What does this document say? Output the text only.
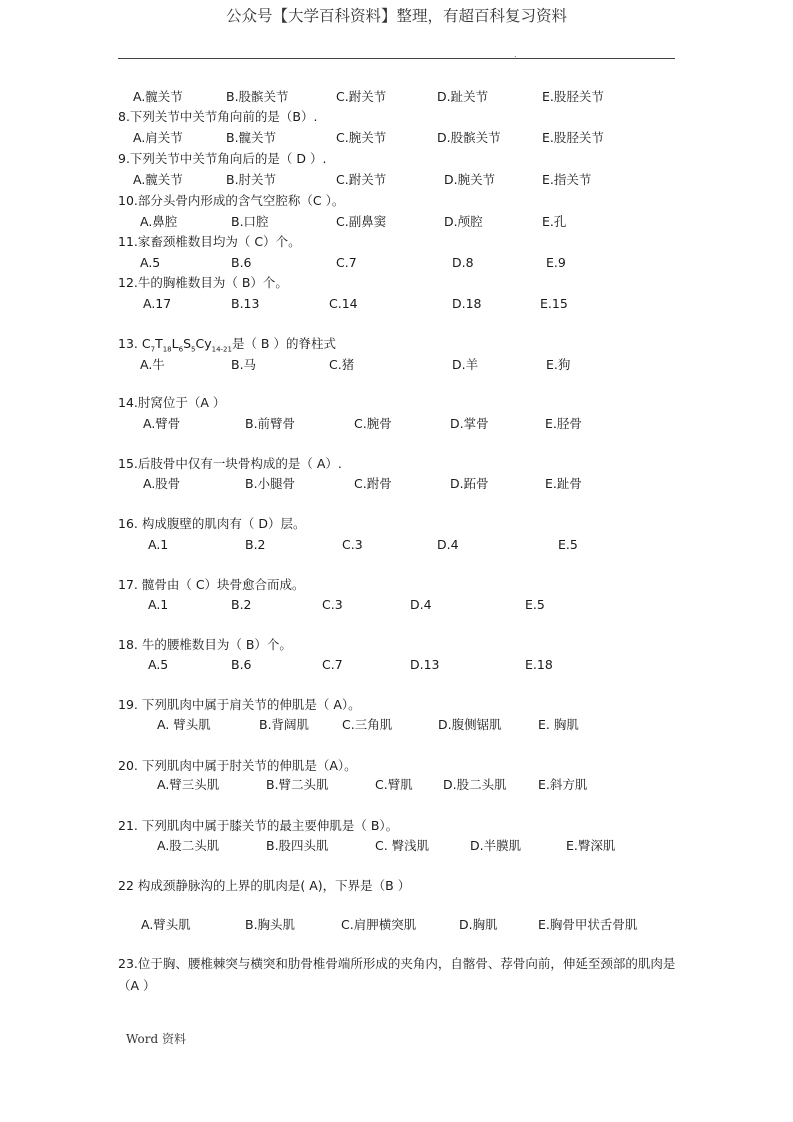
公众号【大学百科资料】整理，有超百科复习资料
.
A.髋关节	B.股髌关节	C.跗关节	D.趾关节	E.股胫关节
8.下列关节中关节角向前的是（B）.
A.肩关节	B.髋关节	C.腕关节	D.股髌关节	E.股胫关节
9.下列关节中关节角向后的是（ D ）.
A.髋关节	B.肘关节	C.跗关节	D.腕关节	E.指关节
10.部分头骨内形成的含气空腔称（C ）。
A.鼻腔	B.口腔	C.副鼻窦	D.颅腔	E.孔
11.家畜颈椎数目均为（ C）个。
A.5	B.6	C.7	D.8	E.9
12.牛的胸椎数目为（ B）个。
A.17	B.13	C.14	D.18	E.15
13. $C_7T_{18}L_6S_5Cy_{14-21}$是（ B ）的脊柱式
A.牛	B.马	C.猪	D.羊	E.狗
14.肘窝位于（A ）
A.臂骨	B.前臂骨	C.腕骨	D.掌骨	E.胫骨
15.后肢骨中仅有一块骨构成的是（ A）.
A.股骨	B.小腿骨	C.跗骨	D.跖骨	E.趾骨
16. 构成腹壁的肌肉有（ D）层。
A.1	B.2	C.3	D.4	E.5
17. 髋骨由（ C）块骨愈合而成。
A.1	B.2	C.3	D.4	E.5
18. 牛的腰椎数目为（ B）个。
A.5	B.6	C.7	D.13	E.18
19. 下列肌肉中属于肩关节的伸肌是（ A）。
A. 臂头肌	B.背阔肌	C.三角肌	D.腹侧锯肌	E. 胸肌
20. 下列肌肉中属于肘关节的伸肌是（A）。
A.臂三头肌	B.臂二头肌	C.臂肌 D.股二头肌	E.斜方肌
21. 下列肌肉中属于膝关节的最主要伸肌是（ B）。
A.股二头肌	B.股四头肌	C. 臀浅肌	D.半膜肌	E.臀深肌
22 构成颈静脉沟的上界的肌肉是( A)，下界是（B ）
A.臂头肌	B.胸头肌	C.肩胛横突肌	D.胸肌	E.胸骨甲状舌骨肌
23.位于胸、腰椎棘突与横突和肋骨椎骨端所形成的夹角内，自髂骨、荐骨向前，伸延至颈部的肌肉是（A ）
Word 资料
